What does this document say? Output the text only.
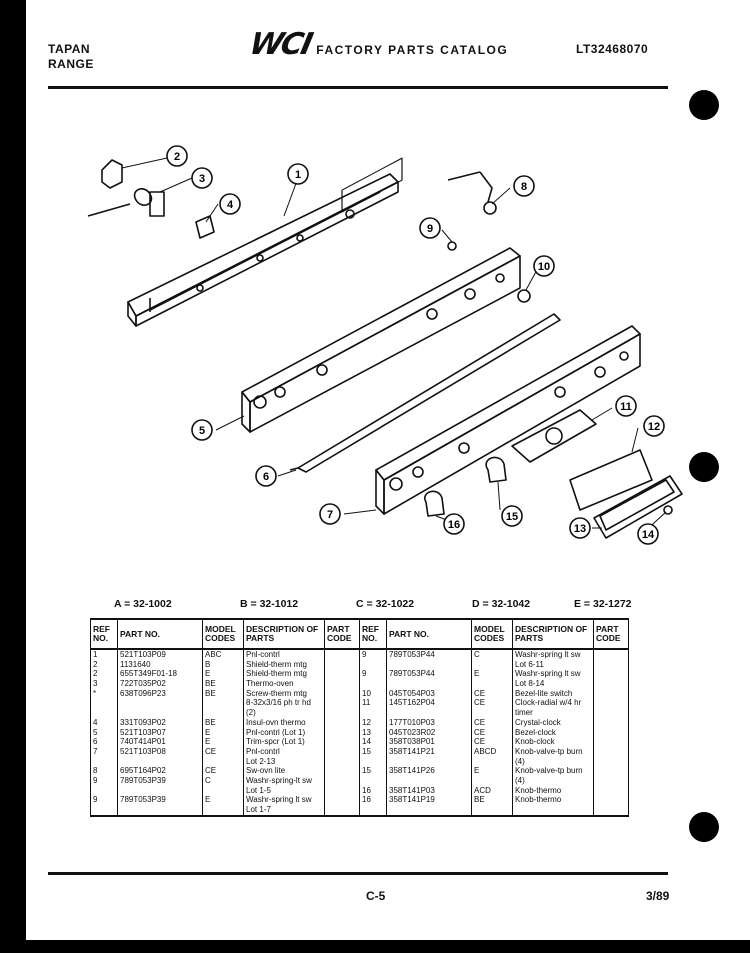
TAPAN
RANGE
WCI FACTORY PARTS CATALOG	LT32468070
2
3
4
1
5
6
7
8
9
10
11
12
13	14
15
16
A = 32-1002	B = 32-1012	C = 32-1022	D = 32-1042	E = 32-1272
REF NO.	PART NO.	MODEL CODES	DESCRIPTION OF PARTS	PART CODE	REF NO.	PART NO.	MODEL CODES	DESCRIPTION OF PARTS	PART CODE
1	521T103P09	ABC	Pnl-contrl		9	789T053P44	C	Washr-spring lt sw	
2	1131640	B	Shield-therm mtg					Lot 6-11	
2	655T349F01-18	E	Shield-therm mtg		9	789T053P44	E	Washr-spring lt sw	
3	722T035P02	BE	Thermo-oven					Lot 8-14	
*	638T096P23	BE	Screw-therm mtg		10	045T054P03	CE	Bezel-lite switch	
			8-32x3/16 ph tr hd		11	145T162P04	CE	Clock-radial w/4 hr	
			(2)					timer	
4	331T093P02	BE	Insul-ovn thermo		12	177T010P03	CE	Crystal-clock	
5	521T103P07	E	Pnl-contrl (Lot 1)		13	045T023R02	CE	Bezel-clock	
6	740T414P01	E	Trim-spcr (Lot 1)		14	358T038P01	CE	Knob-clock	
7	521T103P08	CE	Pnl-contrl		15	358T141P21	ABCD	Knob-valve-tp burn	
			Lot 2-13					(4)	
8	695T164P02	CE	Sw-ovn lite		15	358T141P26	E	Knob-valve-tp burn	
9	789T053P39	C	Washr-spring-lt sw					(4)	
			Lot 1-5		16	358T141P03	ACD	Knob-thermo	
9	789T053P39	E	Washr-spring lt sw		16	358T141P19	BE	Knob-thermo	
			Lot 1-7						
C-5	3/89
